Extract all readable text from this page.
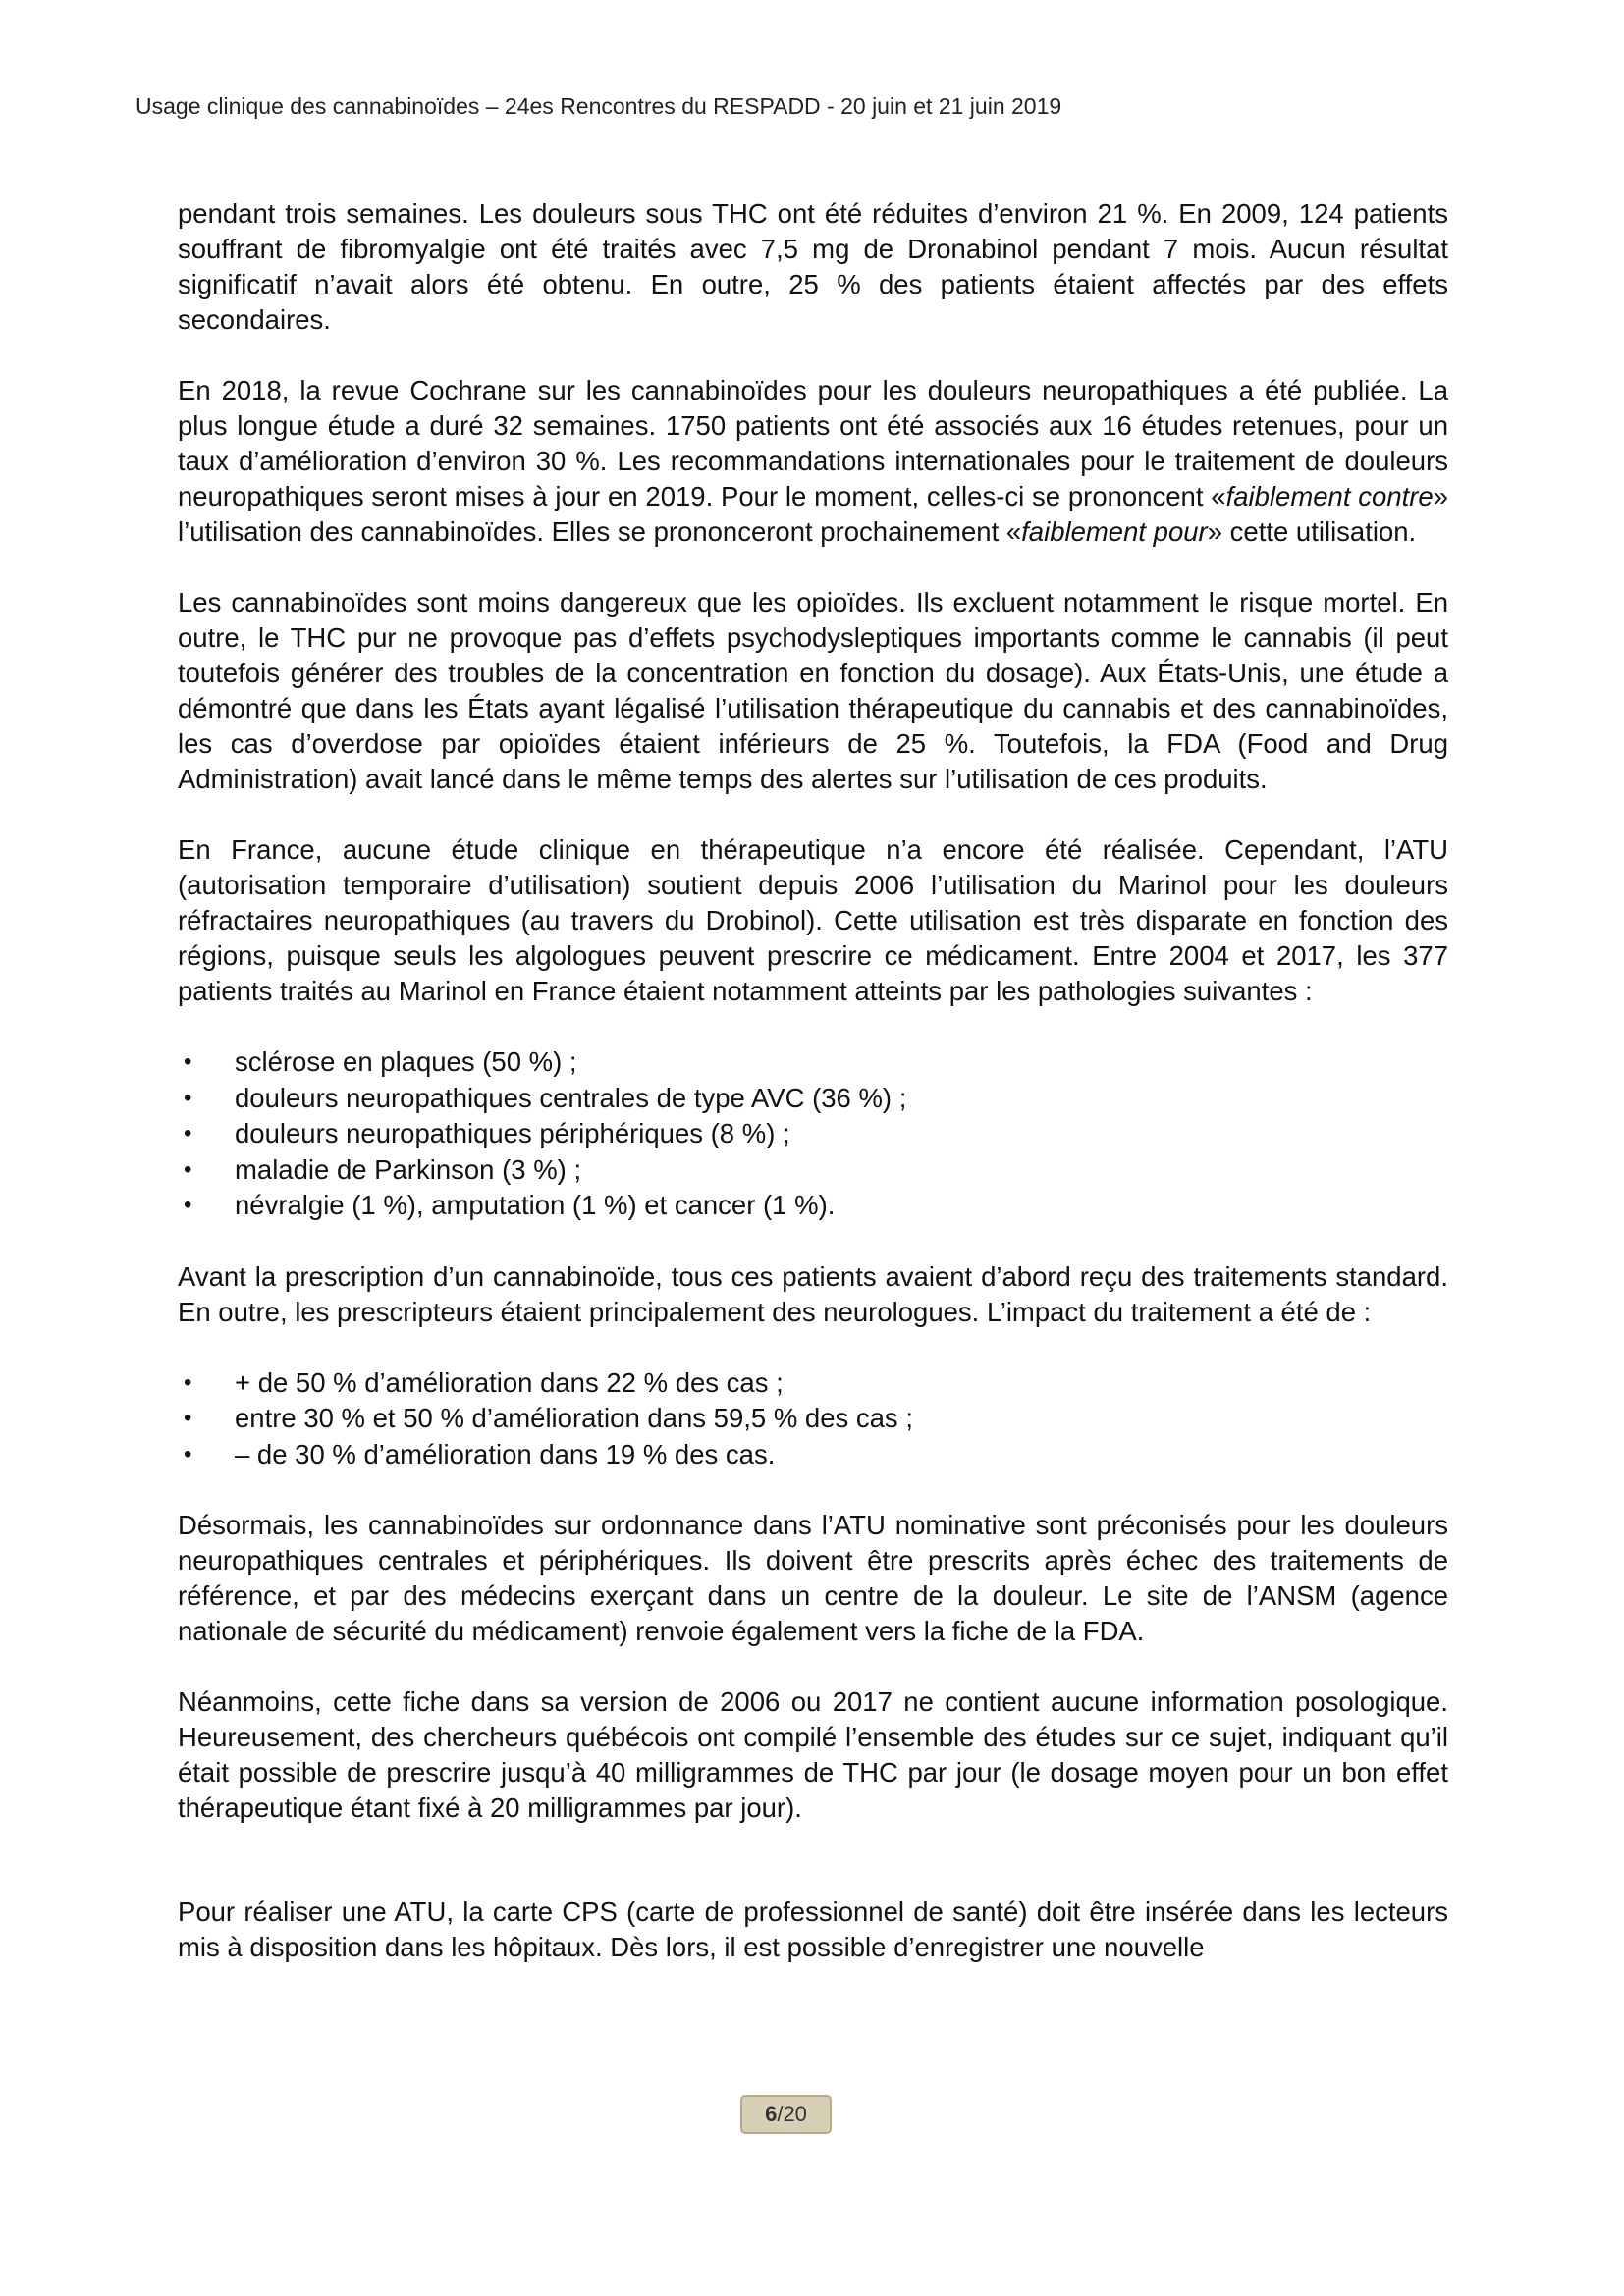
Usage clinique des cannabinoïdes – 24es Rencontres du RESPADD - 20 juin et 21 juin 2019

pendant trois semaines. Les douleurs sous THC ont été réduites d’environ 21 %. En 2009, 124 patients souffrant de fibromyalgie ont été traités avec 7,5 mg de Dronabinol pendant 7 mois. Aucun résultat significatif n’avait alors été obtenu. En outre, 25 % des patients étaient affectés par des effets secondaires.

En 2018, la revue Cochrane sur les cannabinoïdes pour les douleurs neuropathiques a été publiée. La plus longue étude a duré 32 semaines. 1750 patients ont été associés aux 16 études retenues, pour un taux d’amélioration d’environ 30 %. Les recommandations internationales pour le traitement de douleurs neuropathiques seront mises à jour en 2019. Pour le moment, celles-ci se prononcent «faiblement contre» l’utilisation des cannabinoïdes. Elles se prononceront prochainement «faiblement pour» cette utilisation.

Les cannabinoïdes sont moins dangereux que les opioïdes. Ils excluent notamment le risque mortel. En outre, le THC pur ne provoque pas d’effets psychodysleptiques importants comme le cannabis (il peut toutefois générer des troubles de la concentration en fonction du dosage). Aux États-Unis, une étude a démontré que dans les États ayant légalisé l’utilisation thérapeutique du cannabis et des cannabinoïdes, les cas d’overdose par opioïdes étaient inférieurs de 25 %. Toutefois, la FDA (Food and Drug Administration) avait lancé dans le même temps des alertes sur l’utilisation de ces produits.

En France, aucune étude clinique en thérapeutique n’a encore été réalisée. Cependant, l’ATU (autorisation temporaire d’utilisation) soutient depuis 2006 l’utilisation du Marinol pour les douleurs réfractaires neuropathiques (au travers du Drobinol). Cette utilisation est très disparate en fonction des régions, puisque seuls les algologues peuvent prescrire ce médicament. Entre 2004 et 2017, les 377 patients traités au Marinol en France étaient notamment atteints par les pathologies suivantes :

• sclérose en plaques (50 %) ;
• douleurs neuropathiques centrales de type AVC (36 %) ;
• douleurs neuropathiques périphériques (8 %) ;
• maladie de Parkinson (3 %) ;
• névralgie (1 %), amputation (1 %) et cancer (1 %).

Avant la prescription d’un cannabinoïde, tous ces patients avaient d’abord reçu des traitements standard. En outre, les prescripteurs étaient principalement des neurologues. L’impact du traitement a été de :

• + de 50 % d’amélioration dans 22 % des cas ;
• entre 30 % et 50 % d’amélioration dans 59,5 % des cas ;
• – de 30 % d’amélioration dans 19 % des cas.

Désormais, les cannabinoïdes sur ordonnance dans l’ATU nominative sont préconisés pour les douleurs neuropathiques centrales et périphériques. Ils doivent être prescrits après échec des traitements de référence, et par des médecins exerçant dans un centre de la douleur. Le site de l’ANSM (agence nationale de sécurité du médicament) renvoie également vers la fiche de la FDA.

Néanmoins, cette fiche dans sa version de 2006 ou 2017 ne contient aucune information posologique. Heureusement, des chercheurs québécois ont compilé l’ensemble des études sur ce sujet, indiquant qu’il était possible de prescrire jusqu’à 40 milligrammes de THC par jour (le dosage moyen pour un bon effet thérapeutique étant fixé à 20 milligrammes par jour).

Pour réaliser une ATU, la carte CPS (carte de professionnel de santé) doit être insérée dans les lecteurs mis à disposition dans les hôpitaux. Dès lors, il est possible d’enregistrer une nouvelle

6/20
